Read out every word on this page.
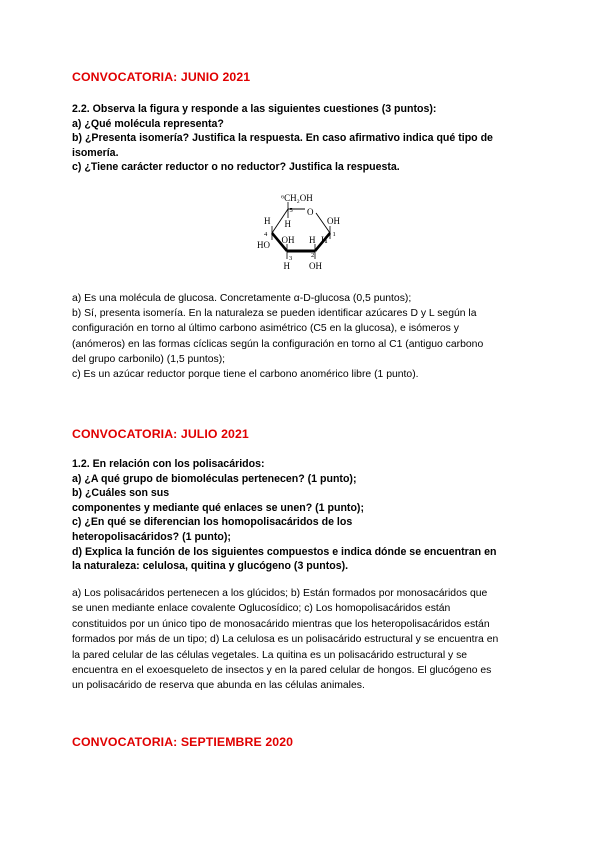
CONVOCATORIA: JUNIO 2021
2.2. Observa la figura y responde a las siguientes cuestiones (3 puntos):
a) ¿Qué molécula representa?
b) ¿Presenta isomería? Justifica la respuesta. En caso afirmativo indica qué tipo de
isomería.
c) ¿Tiene carácter reductor o no reductor? Justifica la respuesta.
⁶CH₂OH
5 O
H
H
4
HO OH H H
OH
1
3	2
H OH
a) Es una molécula de glucosa. Concretamente α-D-glucosa (0,5 puntos);
b) Sí, presenta isomería. En la naturaleza se pueden identificar azúcares D y L según la
configuración en torno al último carbono asimétrico (C5 en la glucosa), e isómeros y
(anómeros) en las formas cíclicas según la configuración en torno al C1 (antiguo carbono
del grupo carbonilo) (1,5 puntos);
c) Es un azúcar reductor porque tiene el carbono anomérico libre (1 punto).
CONVOCATORIA: JULIO 2021
1.2. En relación con los polisacáridos:
a) ¿A qué grupo de biomoléculas pertenecen? (1 punto);
b) ¿Cuáles son sus
componentes y mediante qué enlaces se unen? (1 punto);
c) ¿En qué se diferencian los homopolisacáridos de los
heteropolisacáridos? (1 punto);
d) Explica la función de los siguientes compuestos e indica dónde se encuentran en
la naturaleza: celulosa, quitina y glucógeno (3 puntos).
a) Los polisacáridos pertenecen a los glúcidos; b) Están formados por monosacáridos que
se unen mediante enlace covalente Oglucosídico; c) Los homopolisacáridos están
constituidos por un único tipo de monosacárido mientras que los heteropolisacáridos están
formados por más de un tipo; d) La celulosa es un polisacárido estructural y se encuentra en
la pared celular de las células vegetales. La quitina es un polisacárido estructural y se
encuentra en el exoesqueleto de insectos y en la pared celular de hongos. El glucógeno es
un polisacárido de reserva que abunda en las células animales.
CONVOCATORIA: SEPTIEMBRE 2020
